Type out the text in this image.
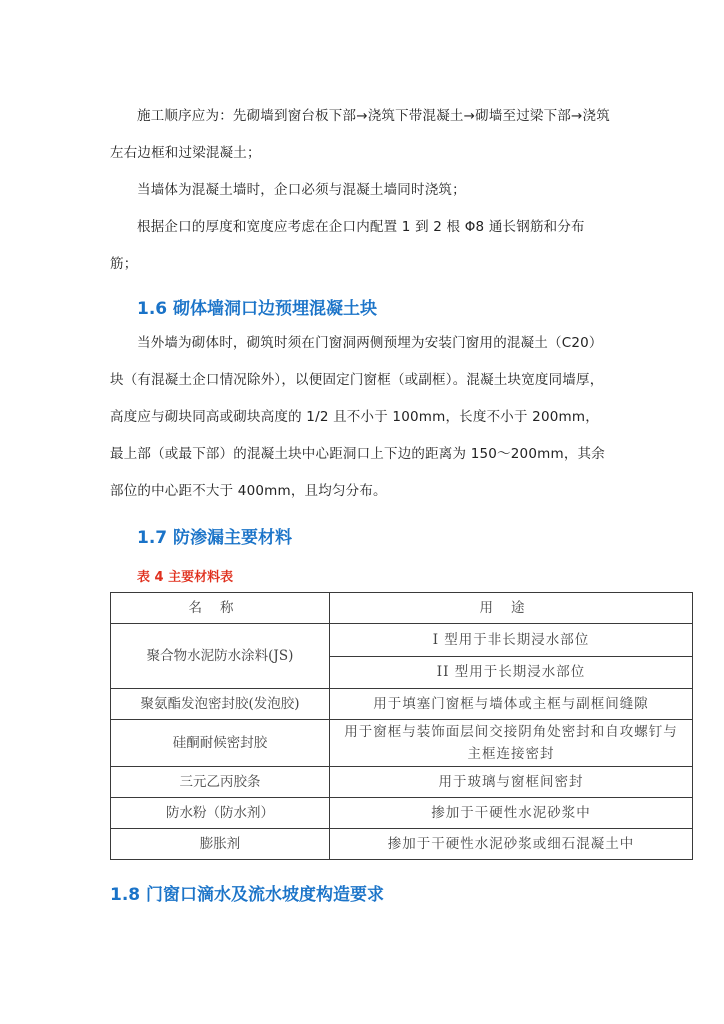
施工顺序应为：先砌墙到窗台板下部→浇筑下带混凝土→砌墙至过梁下部→浇筑左右边框和过梁混凝土；

当墙体为混凝土墙时，企口必须与混凝土墙同时浇筑；

根据企口的厚度和宽度应考虑在企口内配置 1 到 2 根 Φ8 通长钢筋和分布筋；

1.6 砌体墙洞口边预埋混凝土块

当外墙为砌体时，砌筑时须在门窗洞两侧预埋为安装门窗用的混凝土（C20）块（有混凝土企口情况除外），以便固定门窗框（或副框）。混凝土块宽度同墙厚，高度应与砌块同高或砌块高度的 1/2 且不小于 100mm，长度不小于 200mm，最上部（或最下部）的混凝土块中心距洞口上下边的距离为 150～200mm，其余部位的中心距不大于 400mm，且均匀分布。

1.7 防渗漏主要材料

表 4 主要材料表

名称	用途
聚合物水泥防水涂料(JS)	I 型用于非长期浸水部位
	II 型用于长期浸水部位
聚氨酯发泡密封胶(发泡胶)	用于填塞门窗框与墙体或主框与副框间缝隙
硅酮耐候密封胶	用于窗框与装饰面层间交接阴角处密封和自攻螺钉与主框连接密封
三元乙丙胶条	用于玻璃与窗框间密封
防水粉（防水剂）	掺加于干硬性水泥砂浆中
膨胀剂	掺加于干硬性水泥砂浆或细石混凝土中
1.8 门窗口滴水及流水坡度构造要求
